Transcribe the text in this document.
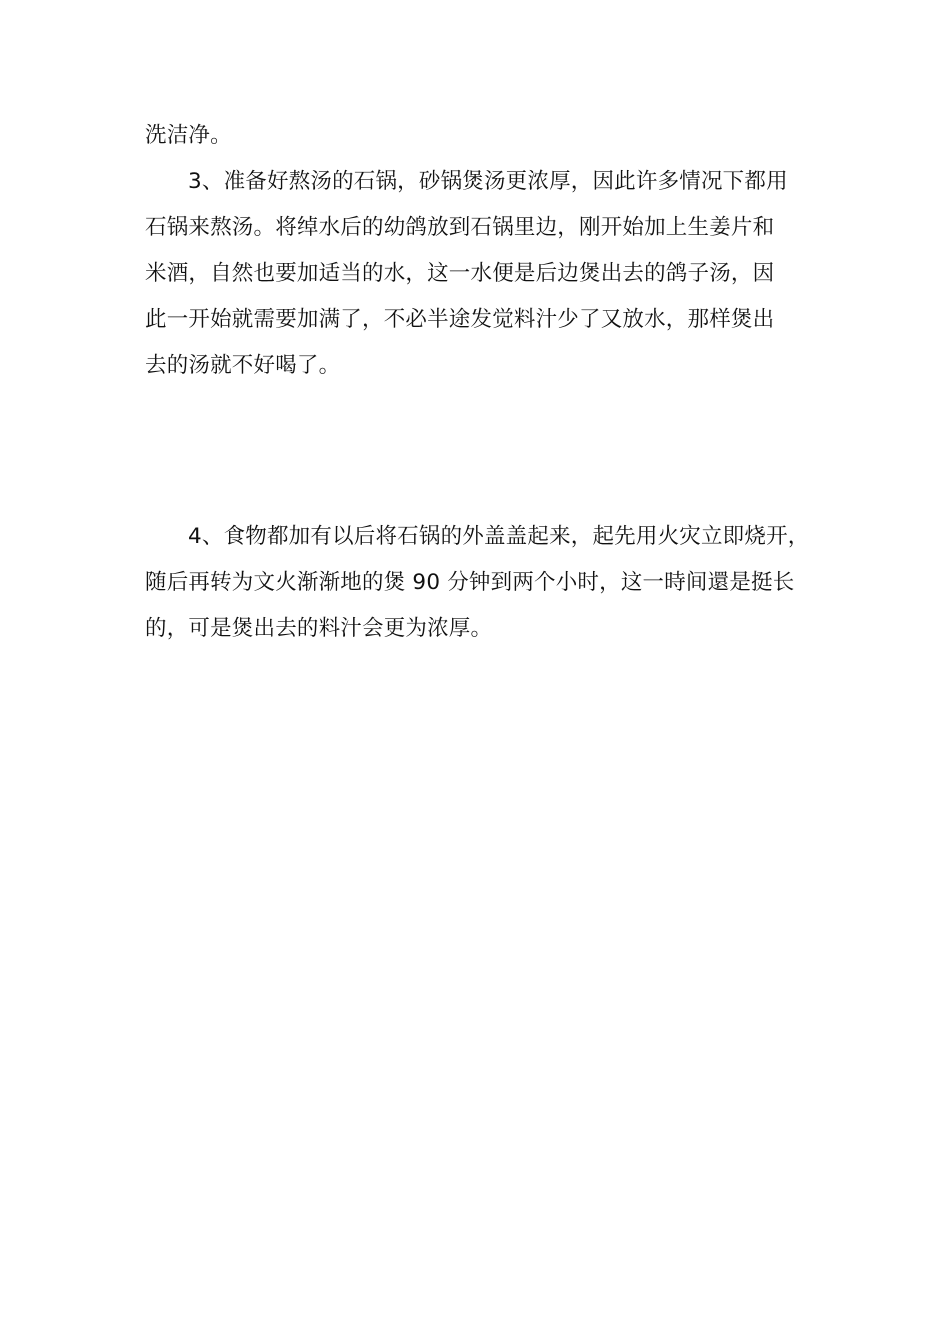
洗洁净。
3、准备好熬汤的石锅，砂锅煲汤更浓厚，因此许多情况下都用
石锅来熬汤。将绰水后的幼鸽放到石锅里边，刚开始加上生姜片和
米酒，自然也要加适当的水，这一水便是后边煲出去的鸽子汤，因
此一开始就需要加满了，不必半途发觉料汁少了又放水，那样煲出
去的汤就不好喝了。
4、食物都加有以后将石锅的外盖盖起来，起先用火灾立即烧开，
随后再转为文火渐渐地的煲 90 分钟到两个小时，这一時间還是挺长
的，可是煲出去的料汁会更为浓厚。
